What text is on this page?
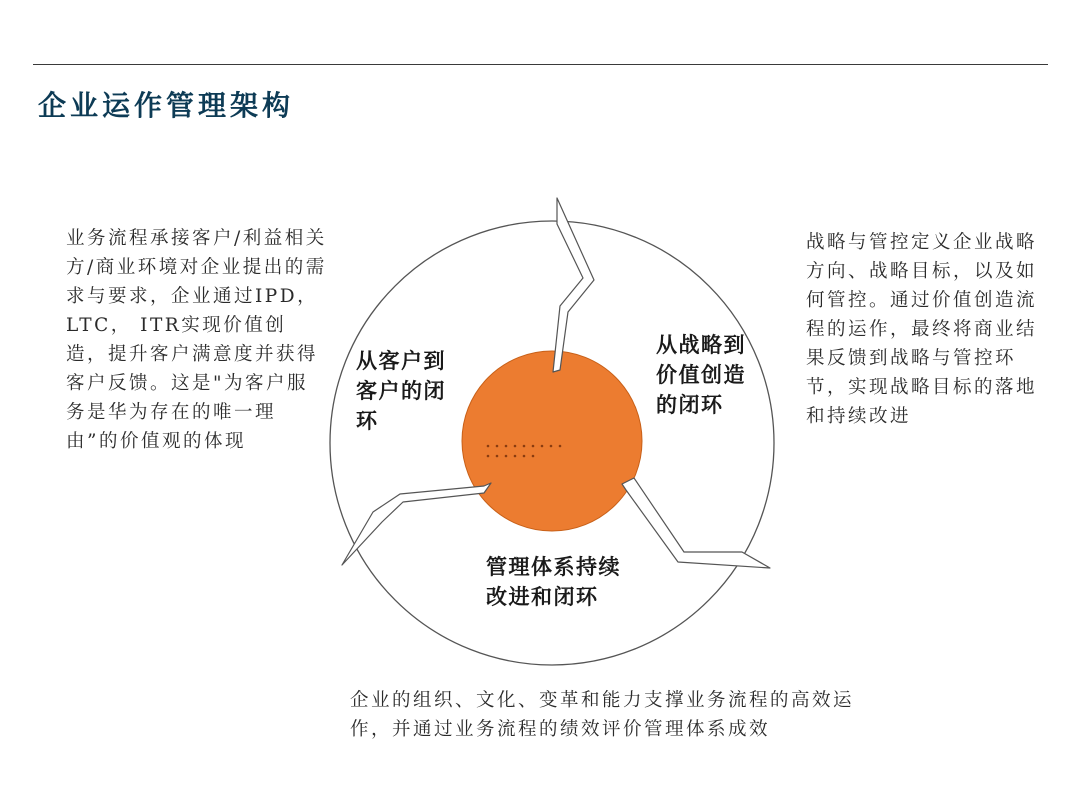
企业运作管理架构
业务流程承接客户/利益相关方/商业环境对企业提出的需求与要求，企业通过IPD， LTC， ITR实现价值创造，提升客户满意度并获得客户反馈。这是"为客户服务是华为存在的唯一理由”的价值观的体现
战略与管控定义企业战略方向、战略目标，以及如何管控。通过价值创造流程的运作，最终将商业结果反馈到战略与管控环节，实现战略目标的落地和持续改进
企业的组织、文化、变革和能力支撑业务流程的高效运作，并通过业务流程的绩效评价管理体系成效
从客户到客户的闭环
从战略到价值创造的闭环
管理体系持续改进和闭环
